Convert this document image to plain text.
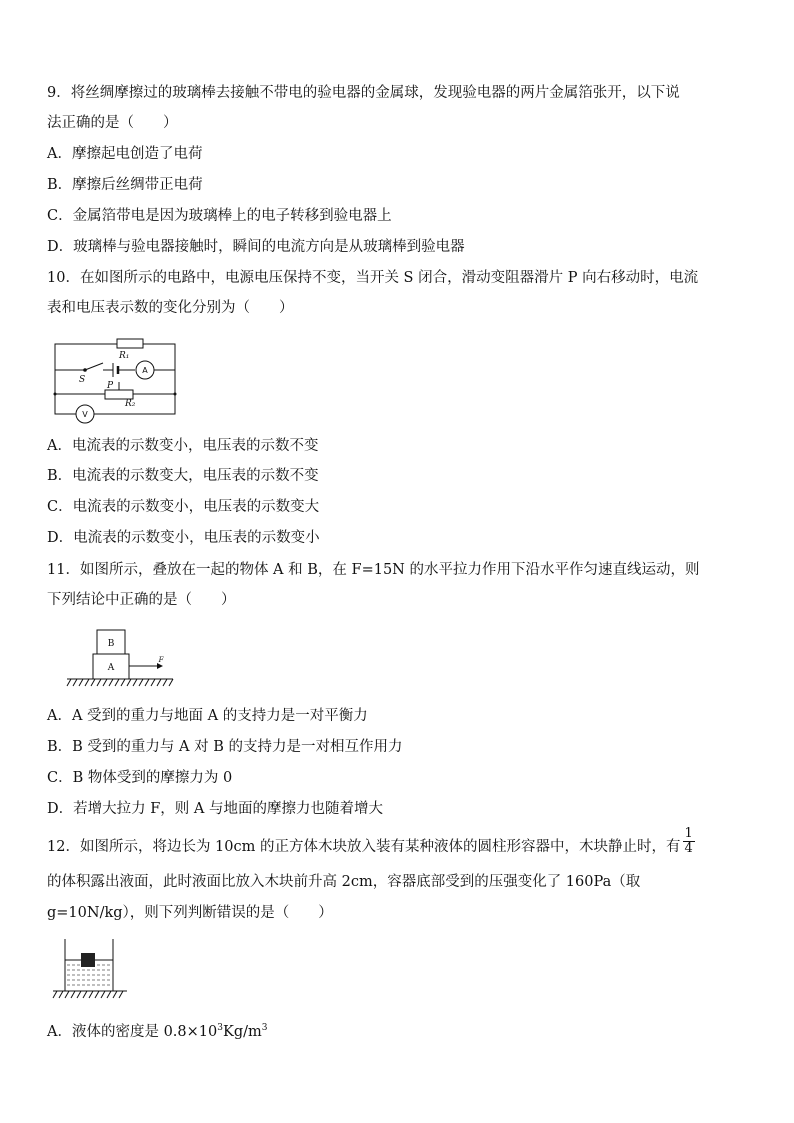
9．将丝绸摩擦过的玻璃棒去接触不带电的验电器的金属球，发现验电器的两片金属箔张开，以下说
法正确的是（　　）
A．摩擦起电创造了电荷
B．摩擦后丝绸带正电荷
C．金属箔带电是因为玻璃棒上的电子转移到验电器上
D．玻璃棒与验电器接触时，瞬间的电流方向是从玻璃棒到验电器
10．在如图所示的电路中，电源电压保持不变，当开关 S 闭合，滑动变阻器滑片 P 向右移动时，电流
表和电压表示数的变化分别为（　　）
R₁
S
P
R₂
A
V
A．电流表的示数变小，电压表的示数不变
B．电流表的示数变大，电压表的示数不变
C．电流表的示数变小，电压表的示数变大
D．电流表的示数变小，电压表的示数变小
11．如图所示，叠放在一起的物体 A 和 B，在 F=15N 的水平拉力作用下沿水平作匀速直线运动，则
下列结论中正确的是（　　）
B
A
F
A．A 受到的重力与地面 A 的支持力是一对平衡力
B．B 受到的重力与 A 对 B 的支持力是一对相互作用力
C．B 物体受到的摩擦力为 0
D．若增大拉力 F，则 A 与地面的摩擦力也随着增大
12．如图所示，将边长为 10cm 的正方体木块放入装有某种液体的圆柱形容器中，木块静止时，有 $\frac{1}{4}$
的体积露出液面，此时液面比放入木块前升高 2cm，容器底部受到的压强变化了 160Pa（取
g=10N/kg），则下列判断错误的是（　　）
A．液体的密度是 $0.8\times 10^3Kg/m^3$
